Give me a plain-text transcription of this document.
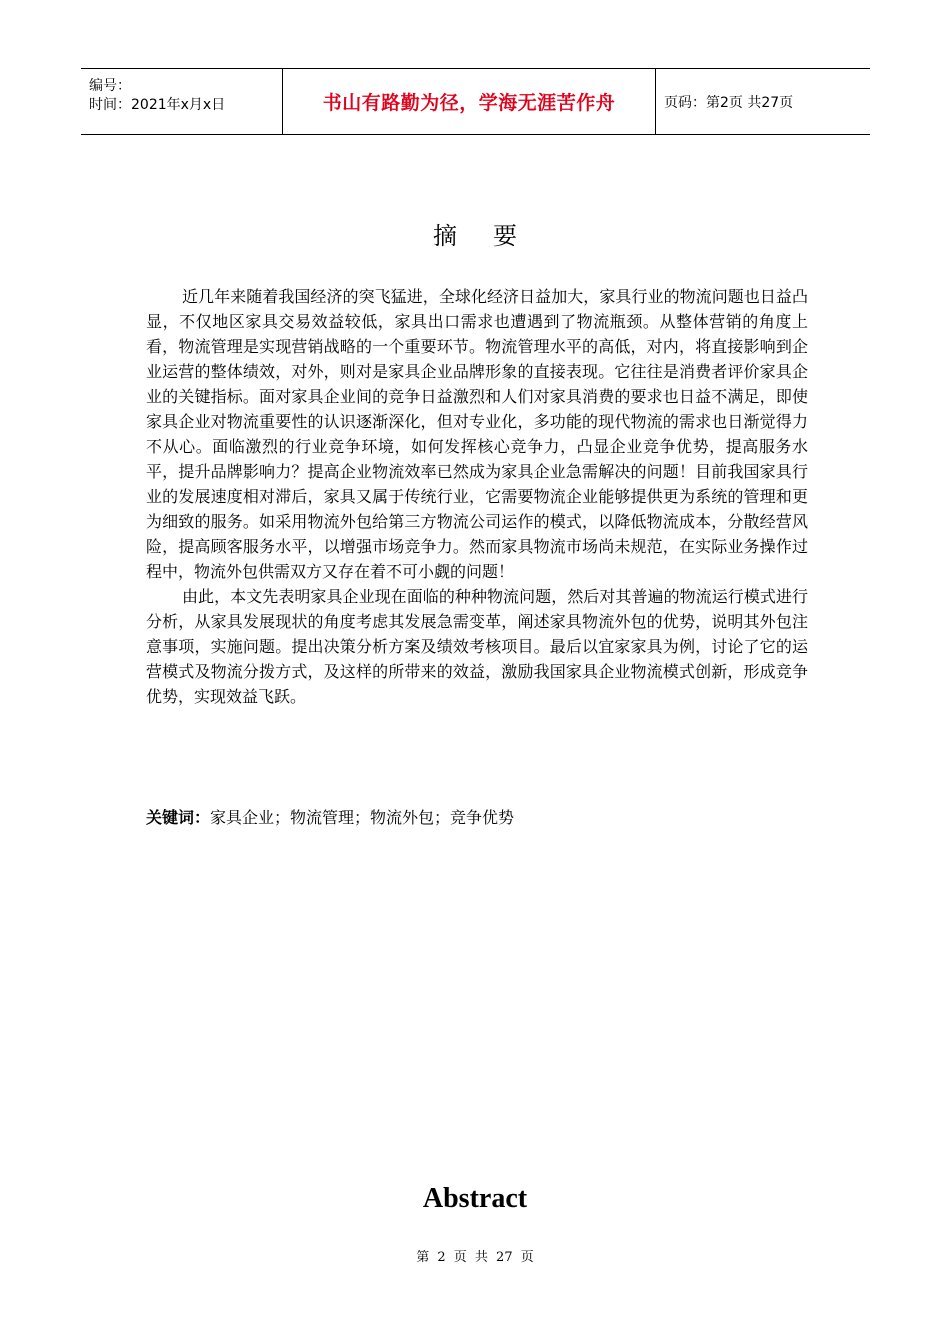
编号：
时间：2021年x月x日	书山有路勤为径，学海无涯苦作舟	页码：第2页 共27页
摘要

近几年来随着我国经济的突飞猛进，全球化经济日益加大，家具行业的物流问题也日益凸显，不仅地区家具交易效益较低，家具出口需求也遭遇到了物流瓶颈。从整体营销的角度上看，物流管理是实现营销战略的一个重要环节。物流管理水平的高低，对内，将直接影响到企业运营的整体绩效，对外，则对是家具企业品牌形象的直接表现。它往往是消费者评价家具企业的关键指标。面对家具企业间的竞争日益激烈和人们对家具消费的要求也日益不满足，即使家具企业对物流重要性的认识逐渐深化，但对专业化，多功能的现代物流的需求也日渐觉得力不从心。面临激烈的行业竞争环境，如何发挥核心竞争力，凸显企业竞争优势，提高服务水平，提升品牌影响力？提高企业物流效率已然成为家具企业急需解决的问题！目前我国家具行业的发展速度相对滞后，家具又属于传统行业，它需要物流企业能够提供更为系统的管理和更为细致的服务。如采用物流外包给第三方物流公司运作的模式，以降低物流成本，分散经营风险，提高顾客服务水平，以增强市场竞争力。然而家具物流市场尚未规范，在实际业务操作过程中，物流外包供需双方又存在着不可小觑的问题！

由此，本文先表明家具企业现在面临的种种物流问题，然后对其普遍的物流运行模式进行分析，从家具发展现状的角度考虑其发展急需变革，阐述家具物流外包的优势，说明其外包注意事项，实施问题。提出决策分析方案及绩效考核项目。最后以宜家家具为例，讨论了它的运营模式及物流分拨方式，及这样的所带来的效益，激励我国家具企业物流模式创新，形成竞争优势，实现效益飞跃。

关键词：家具企业；物流管理；物流外包；竞争优势
Abstract
第 2 页 共 27 页
